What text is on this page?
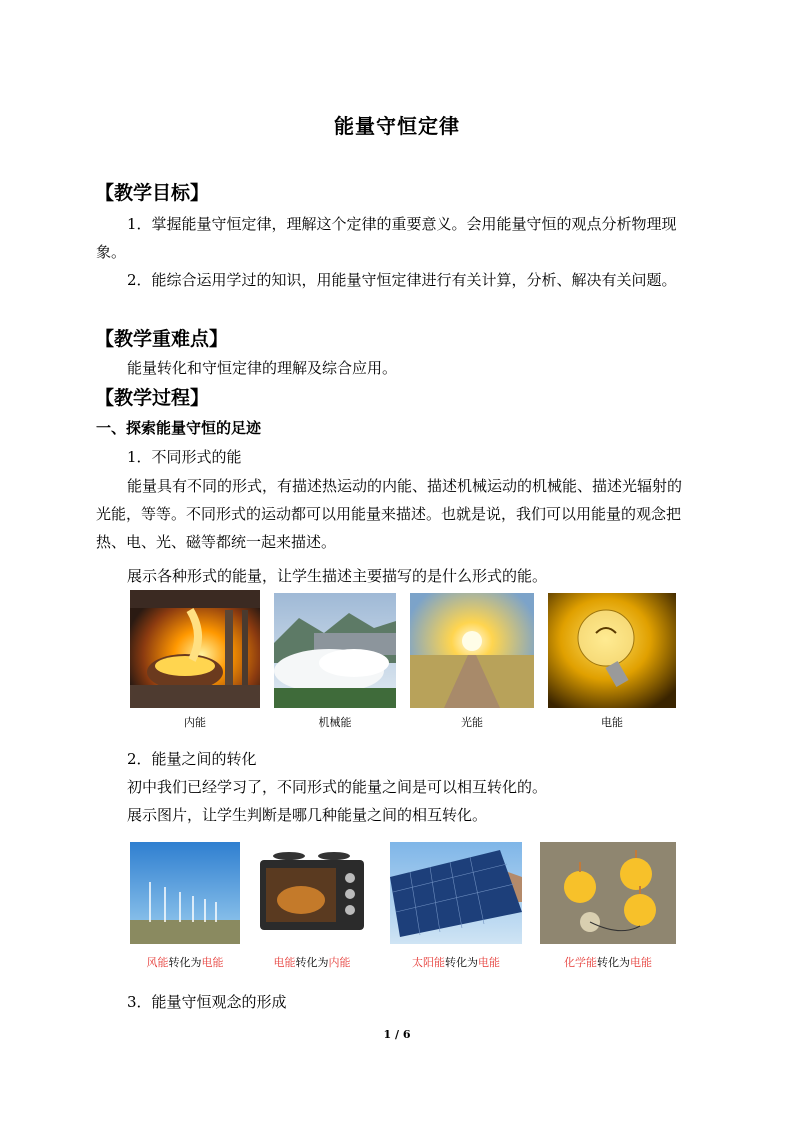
能量守恒定律
【教学目标】
1．掌握能量守恒定律，理解这个定律的重要意义。会用能量守恒的观点分析物理现象。
2．能综合运用学过的知识，用能量守恒定律进行有关计算，分析、解决有关问题。
【教学重难点】
能量转化和守恒定律的理解及综合应用。
【教学过程】
一、探索能量守恒的足迹
1．不同形式的能
能量具有不同的形式，有描述热运动的内能、描述机械运动的机械能、描述光辐射的光能，等等。不同形式的运动都可以用能量来描述。也就是说，我们可以用能量的观念把热、电、光、磁等都统一起来描述。
展示各种形式的能量，让学生描述主要描写的是什么形式的能。
内能	机械能	光能	电能
2．能量之间的转化
初中我们已经学习了，不同形式的能量之间是可以相互转化的。
展示图片，让学生判断是哪几种能量之间的相互转化。
风能转化为电能	电能转化为内能	太阳能转化为电能	化学能转化为电能
3．能量守恒观念的形成
1 / 6
